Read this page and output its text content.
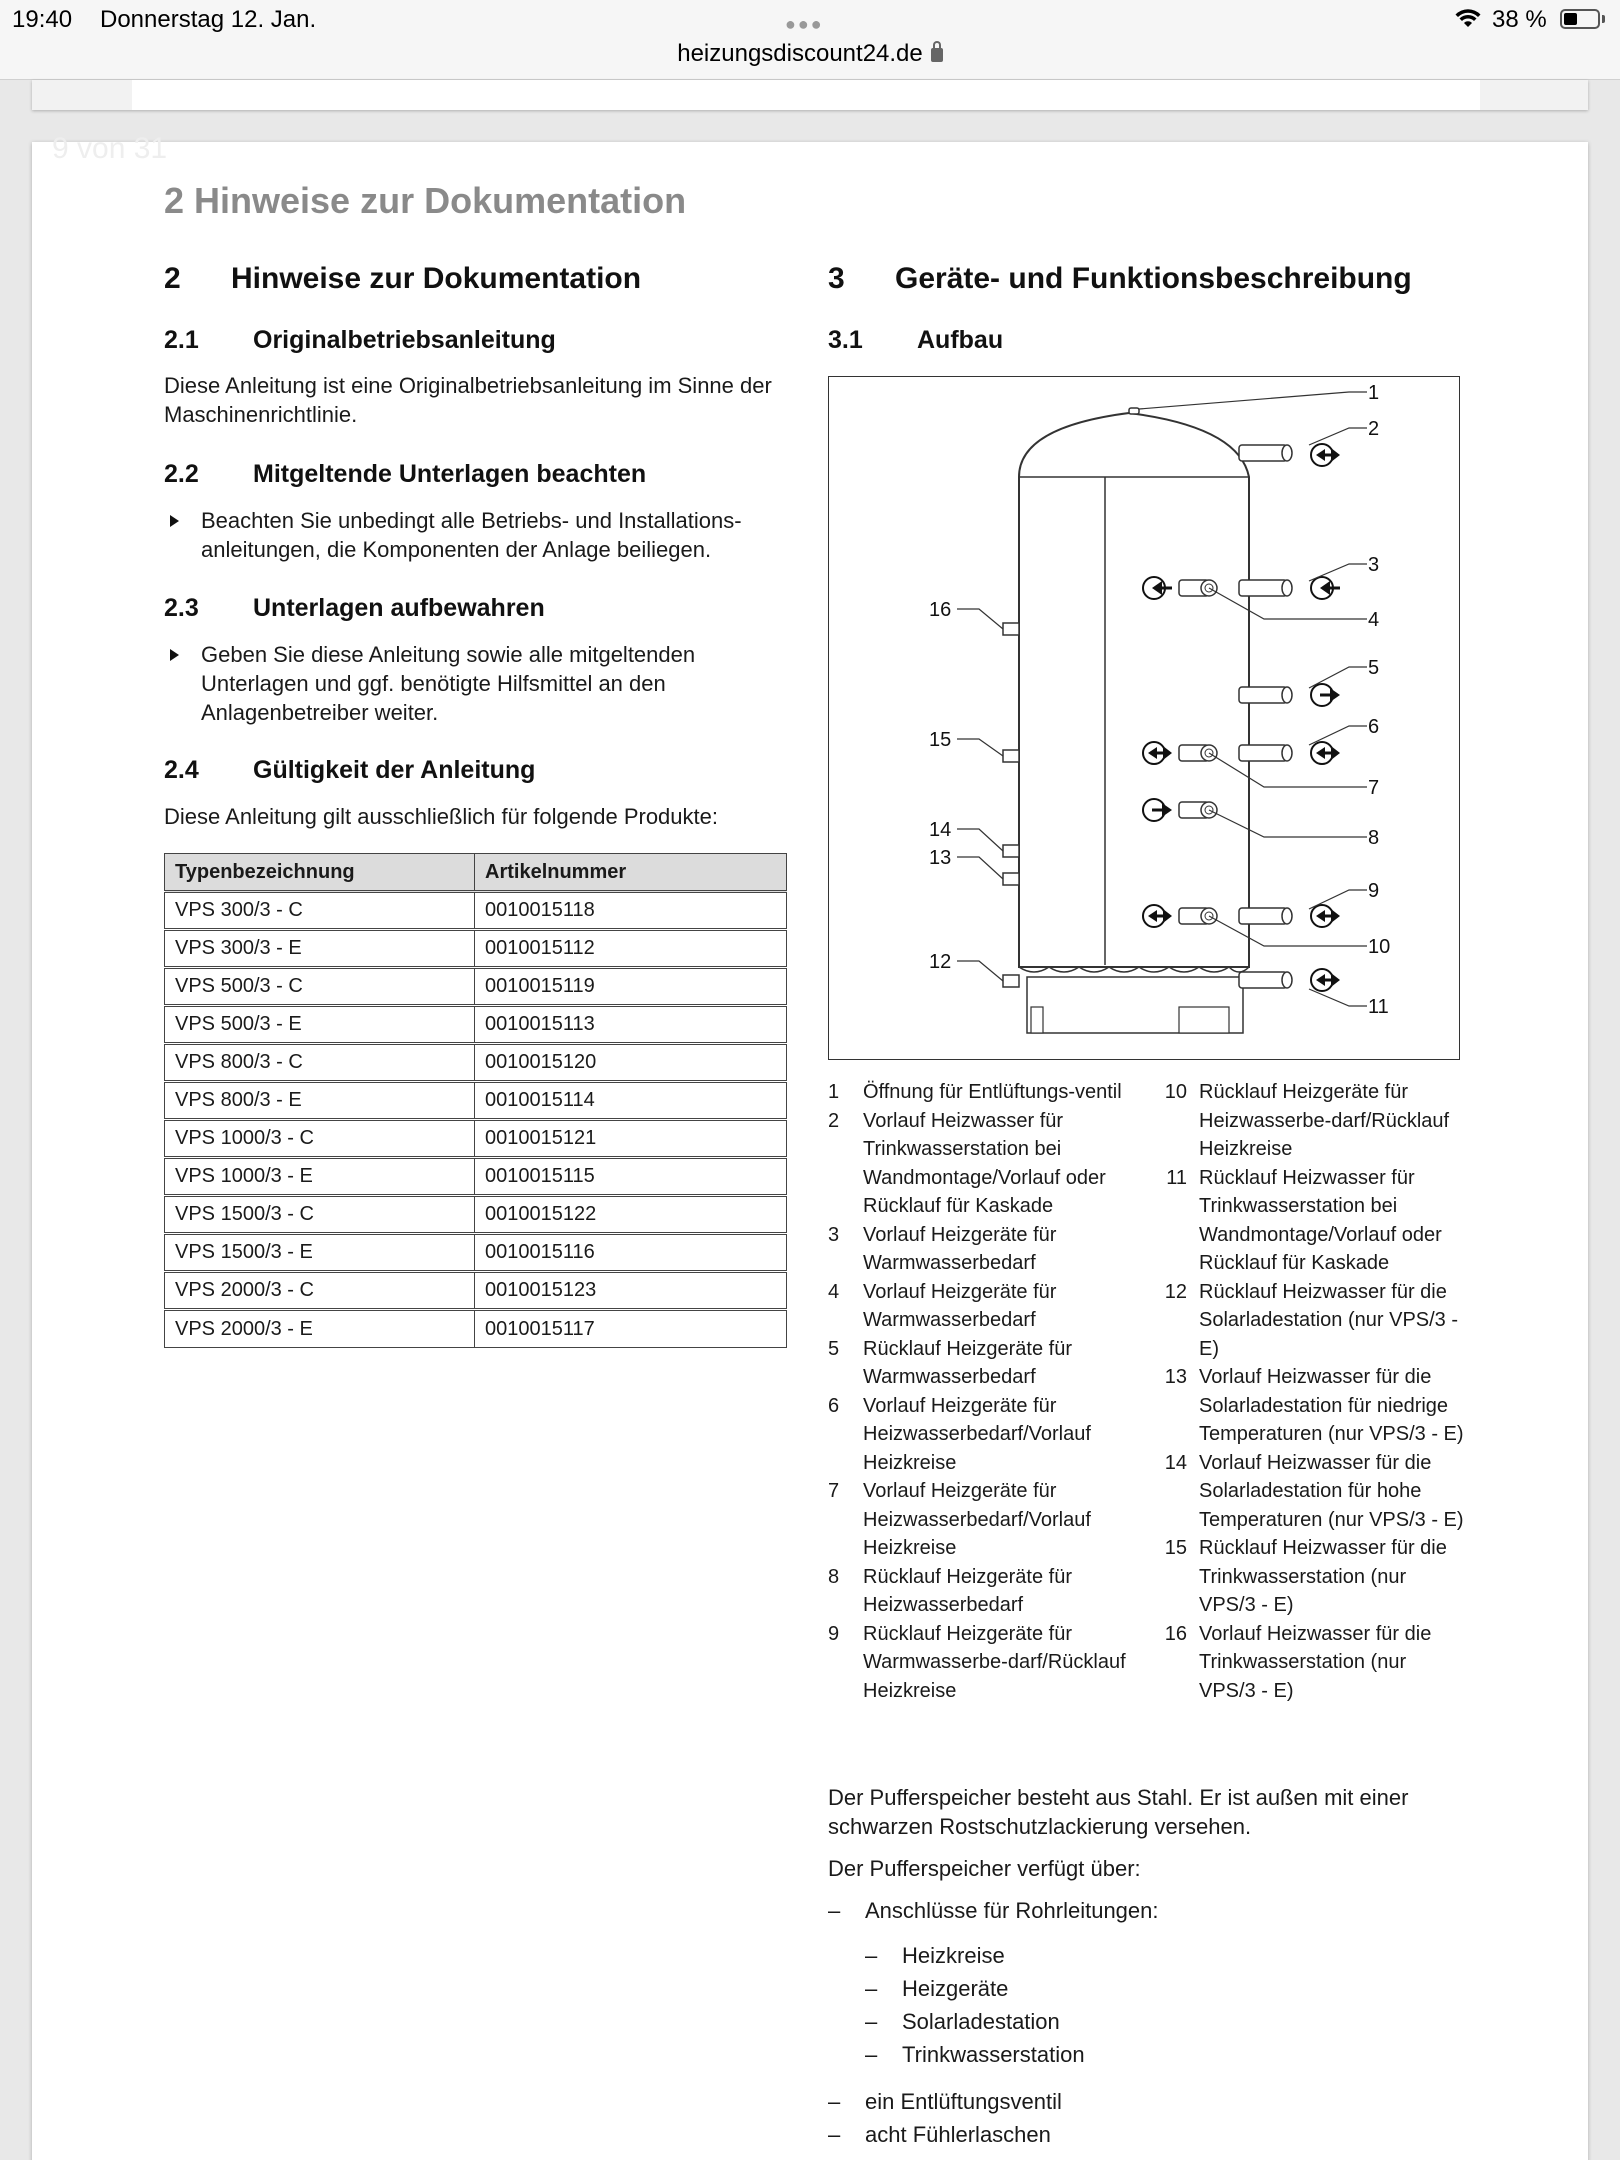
19:40 Donnerstag 12. Jan.	●●●
heizungsdiscount24.de
38 %
9 von 31
2 Hinweise zur Dokumentation
2 Hinweise zur Dokumentation
2.1 Originalbetriebsanleitung
Diese Anleitung ist eine Originalbetriebsanleitung im Sinne der Maschinenrichtlinie.
2.2 Mitgeltende Unterlagen beachten
Beachten Sie unbedingt alle Betriebs- und Installations-anleitungen, die Komponenten der Anlage beiliegen.
2.3 Unterlagen aufbewahren
Geben Sie diese Anleitung sowie alle mitgeltenden Unterlagen und ggf. benötigte Hilfsmittel an den Anlagenbetreiber weiter.
2.4 Gültigkeit der Anleitung
Diese Anleitung gilt ausschließlich für folgende Produkte:
Typenbezeichnung	Artikelnummer
VPS 300/3 - C	0010015118
VPS 300/3 - E	0010015112
VPS 500/3 - C	0010015119
VPS 500/3 - E	0010015113
VPS 800/3 - C	0010015120
VPS 800/3 - E	0010015114
VPS 1000/3 - C	0010015121
VPS 1000/3 - E	0010015115
VPS 1500/3 - C	0010015122
VPS 1500/3 - E	0010015116
VPS 2000/3 - C	0010015123
VPS 2000/3 - E	0010015117
3 Geräte- und Funktionsbeschreibung
3.1 Aufbau
1
2
3
4
5
6
7
8
9
10
11
12
13
14
15
16
1 Öffnung für Entlüftungs-ventil
2 Vorlauf Heizwasser für Trinkwasserstation bei Wandmontage/Vorlauf oder Rücklauf für Kaskade
3 Vorlauf Heizgeräte für Warmwasserbedarf
4 Vorlauf Heizgeräte für Warmwasserbedarf
5 Rücklauf Heizgeräte für Warmwasserbedarf
6 Vorlauf Heizgeräte für Heizwasserbedarf/Vorlauf Heizkreise
7 Vorlauf Heizgeräte für Heizwasserbedarf/Vorlauf Heizkreise
8 Rücklauf Heizgeräte für Heizwasserbedarf
9 Rücklauf Heizgeräte für Warmwasserbe-darf/Rücklauf Heizkreise
10 Rücklauf Heizgeräte für Heizwasserbe-darf/Rücklauf Heizkreise
11 Rücklauf Heizwasser für Trinkwasserstation bei Wandmontage/Vorlauf oder Rücklauf für Kaskade
12 Rücklauf Heizwasser für die Solarladestation (nur VPS/3 - E)
13 Vorlauf Heizwasser für die Solarladestation für niedrige Temperaturen (nur VPS/3 - E)
14 Vorlauf Heizwasser für die Solarladestation für hohe Temperaturen (nur VPS/3 - E)
15 Rücklauf Heizwasser für die Trinkwasserstation (nur VPS/3 - E)
16 Vorlauf Heizwasser für die Trinkwasserstation (nur VPS/3 - E)
Der Pufferspeicher besteht aus Stahl. Er ist außen mit einer schwarzen Rostschutzlackierung versehen.
Der Pufferspeicher verfügt über:
– Anschlüsse für Rohrleitungen:
– Heizkreise
– Heizgeräte
– Solarladestation
– Trinkwasserstation
– ein Entlüftungsventil
– acht Fühlerlaschen
